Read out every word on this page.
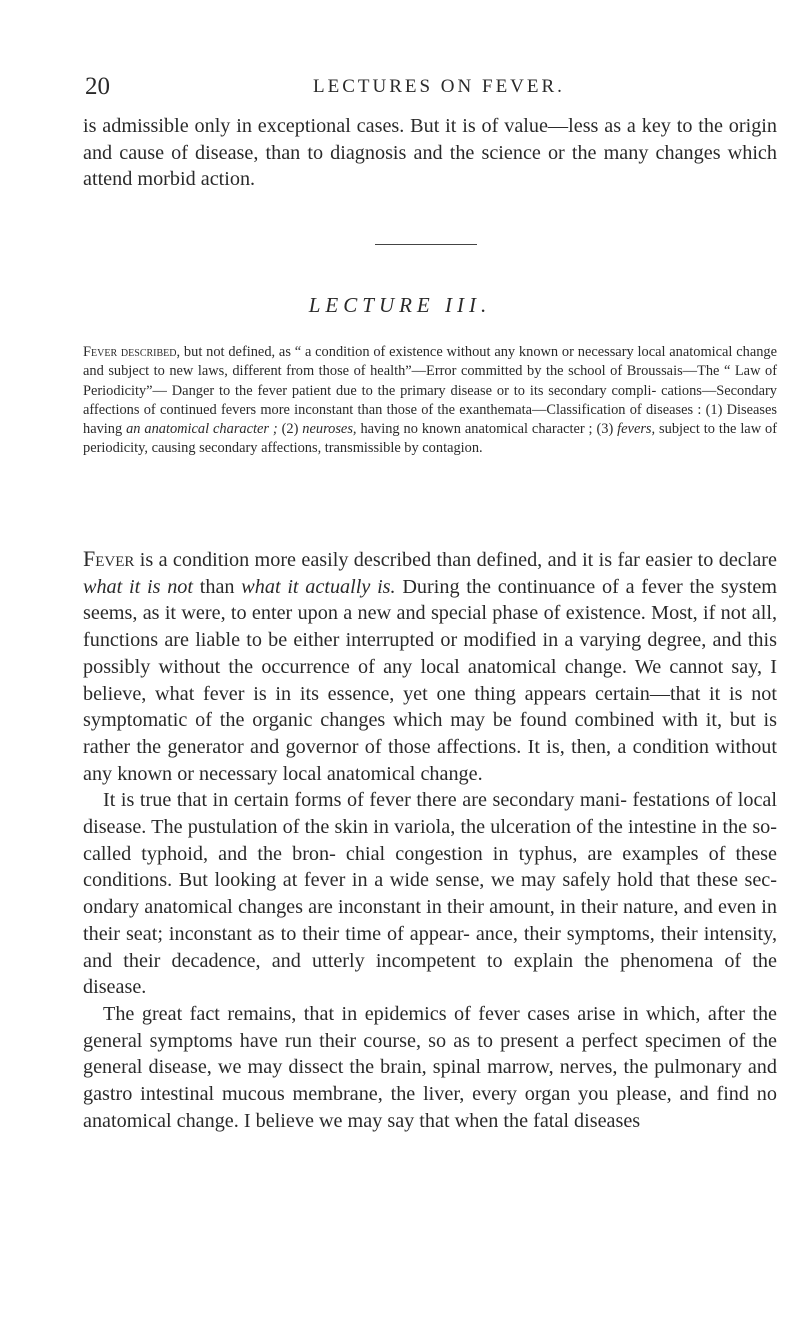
20	LECTURES ON FEVER.

is admissible only in exceptional cases. But it is of value—less as a key to the origin and cause of disease, than to diagnosis and the science or the many changes which attend morbid action.

LECTURE III.

Fever described, but not defined, as “ a condition of existence without any known or necessary local anatomical change and subject to new laws, different from those of health”—Error committed by the school of Broussais—The “ Law of Periodicity”— Danger to the fever patient due to the primary disease or to its secondary compli- cations—Secondary affections of continued fevers more inconstant than those of the exanthemata—Classification of diseases : (1) Diseases having an anatomical character ; (2) neuroses, having no known anatomical character ; (3) fevers, subject to the law of periodicity, causing secondary affections, transmissible by contagion.

Fever is a condition more easily described than defined, and it is far easier to declare what it is not than what it actually is. During the continuance of a fever the system seems, as it were, to enter upon a new and special phase of existence. Most, if not all, functions are liable to be either interrupted or modified in a varying degree, and this possibly without the occurrence of any local anatomical change. We cannot say, I believe, what fever is in its essence, yet one thing appears certain—that it is not symptomatic of the organic changes which may be found combined with it, but is rather the generator and governor of those affections. It is, then, a condition without any known or necessary local anatomical change.

It is true that in certain forms of fever there are secondary mani- festations of local disease. The pustulation of the skin in variola, the ulceration of the intestine in the so-called typhoid, and the bron- chial congestion in typhus, are examples of these conditions. But looking at fever in a wide sense, we may safely hold that these sec- ondary anatomical changes are inconstant in their amount, in their nature, and even in their seat; inconstant as to their time of appear- ance, their symptoms, their intensity, and their decadence, and utterly incompetent to explain the phenomena of the disease.

The great fact remains, that in epidemics of fever cases arise in which, after the general symptoms have run their course, so as to present a perfect specimen of the general disease, we may dissect the brain, spinal marrow, nerves, the pulmonary and gastro intestinal mucous membrane, the liver, every organ you please, and find no anatomical change. I believe we may say that when the fatal diseases
